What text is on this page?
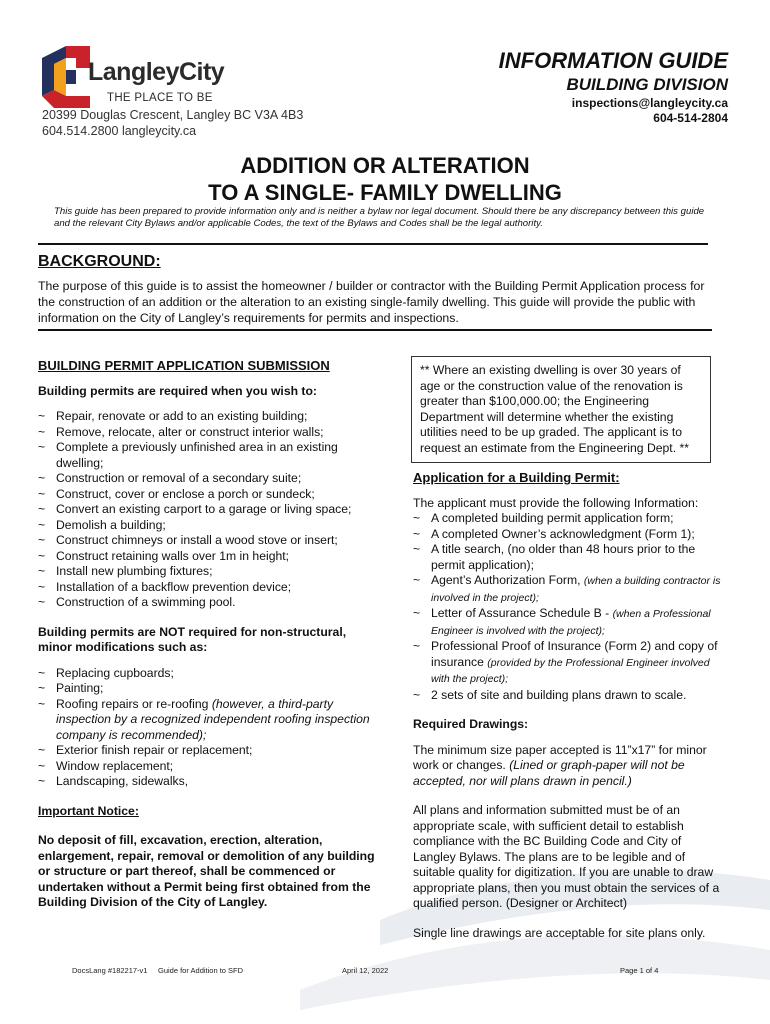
LangleyCity
THE PLACE TO BE
20399 Douglas Crescent, Langley BC V3A 4B3
604.514.2800 langleycity.ca
INFORMATION GUIDE
BUILDING DIVISION
inspections@langleycity.ca
604-514-2804
ADDITION OR ALTERATION
TO A SINGLE- FAMILY DWELLING
This guide has been prepared to provide information only and is neither a bylaw nor legal document. Should there be any discrepancy between this guide and the relevant City Bylaws and/or applicable Codes, the text of the Bylaws and Codes shall be the legal authority.
BACKGROUND:
The purpose of this guide is to assist the homeowner / builder or contractor with the Building Permit Application process for the construction of an addition or the alteration to an existing single-family dwelling. This guide will provide the public with information on the City of Langley’s requirements for permits and inspections.
BUILDING PERMIT APPLICATION SUBMISSION
Building permits are required when you wish to:
~ Repair, renovate or add to an existing building;
~ Remove, relocate, alter or construct interior walls;
~ Complete a previously unfinished area in an existing dwelling;
~ Construction or removal of a secondary suite;
~ Construct, cover or enclose a porch or sundeck;
~ Convert an existing carport to a garage or living space;
~ Demolish a building;
~ Construct chimneys or install a wood stove or insert;
~ Construct retaining walls over 1m in height;
~ Install new plumbing fixtures;
~ Installation of a backflow prevention device;
~ Construction of a swimming pool.
Building permits are NOT required for non-structural, minor modifications such as:
~ Replacing cupboards;
~ Painting;
~ Roofing repairs or re-roofing (however, a third-party inspection by a recognized independent roofing inspection company is recommended);
~ Exterior finish repair or replacement;
~ Window replacement;
~ Landscaping, sidewalks,
Important Notice:
No deposit of fill, excavation, erection, alteration, enlargement, repair, removal or demolition of any building or structure or part thereof, shall be commenced or undertaken without a Permit being first obtained from the Building Division of the City of Langley.
** Where an existing dwelling is over 30 years of age or the construction value of the renovation is greater than $100,000.00; the Engineering Department will determine whether the existing utilities need to be up graded. The applicant is to request an estimate from the Engineering Dept. **
Application for a Building Permit:
The applicant must provide the following Information:
~ A completed building permit application form;
~ A completed Owner’s acknowledgment (Form 1);
~ A title search, (no older than 48 hours prior to the permit application);
~ Agent’s Authorization Form, (when a building contractor is involved in the project);
~ Letter of Assurance Schedule B - (when a Professional Engineer is involved with the project);
~ Professional Proof of Insurance (Form 2) and copy of insurance (provided by the Professional Engineer involved with the project);
~ 2 sets of site and building plans drawn to scale.
Required Drawings:
The minimum size paper accepted is 11”x17” for minor work or changes. (Lined or graph-paper will not be accepted, nor will plans drawn in pencil.)
All plans and information submitted must be of an appropriate scale, with sufficient detail to establish compliance with the BC Building Code and City of Langley Bylaws. The plans are to be legible and of suitable quality for digitization. If you are unable to draw appropriate plans, then you must obtain the services of a qualified person. (Designer or Architect)
Single line drawings are acceptable for site plans only.
DocsLang #182217-v1 Guide for Addition to SFD	April 12, 2022	Page 1 of 4
